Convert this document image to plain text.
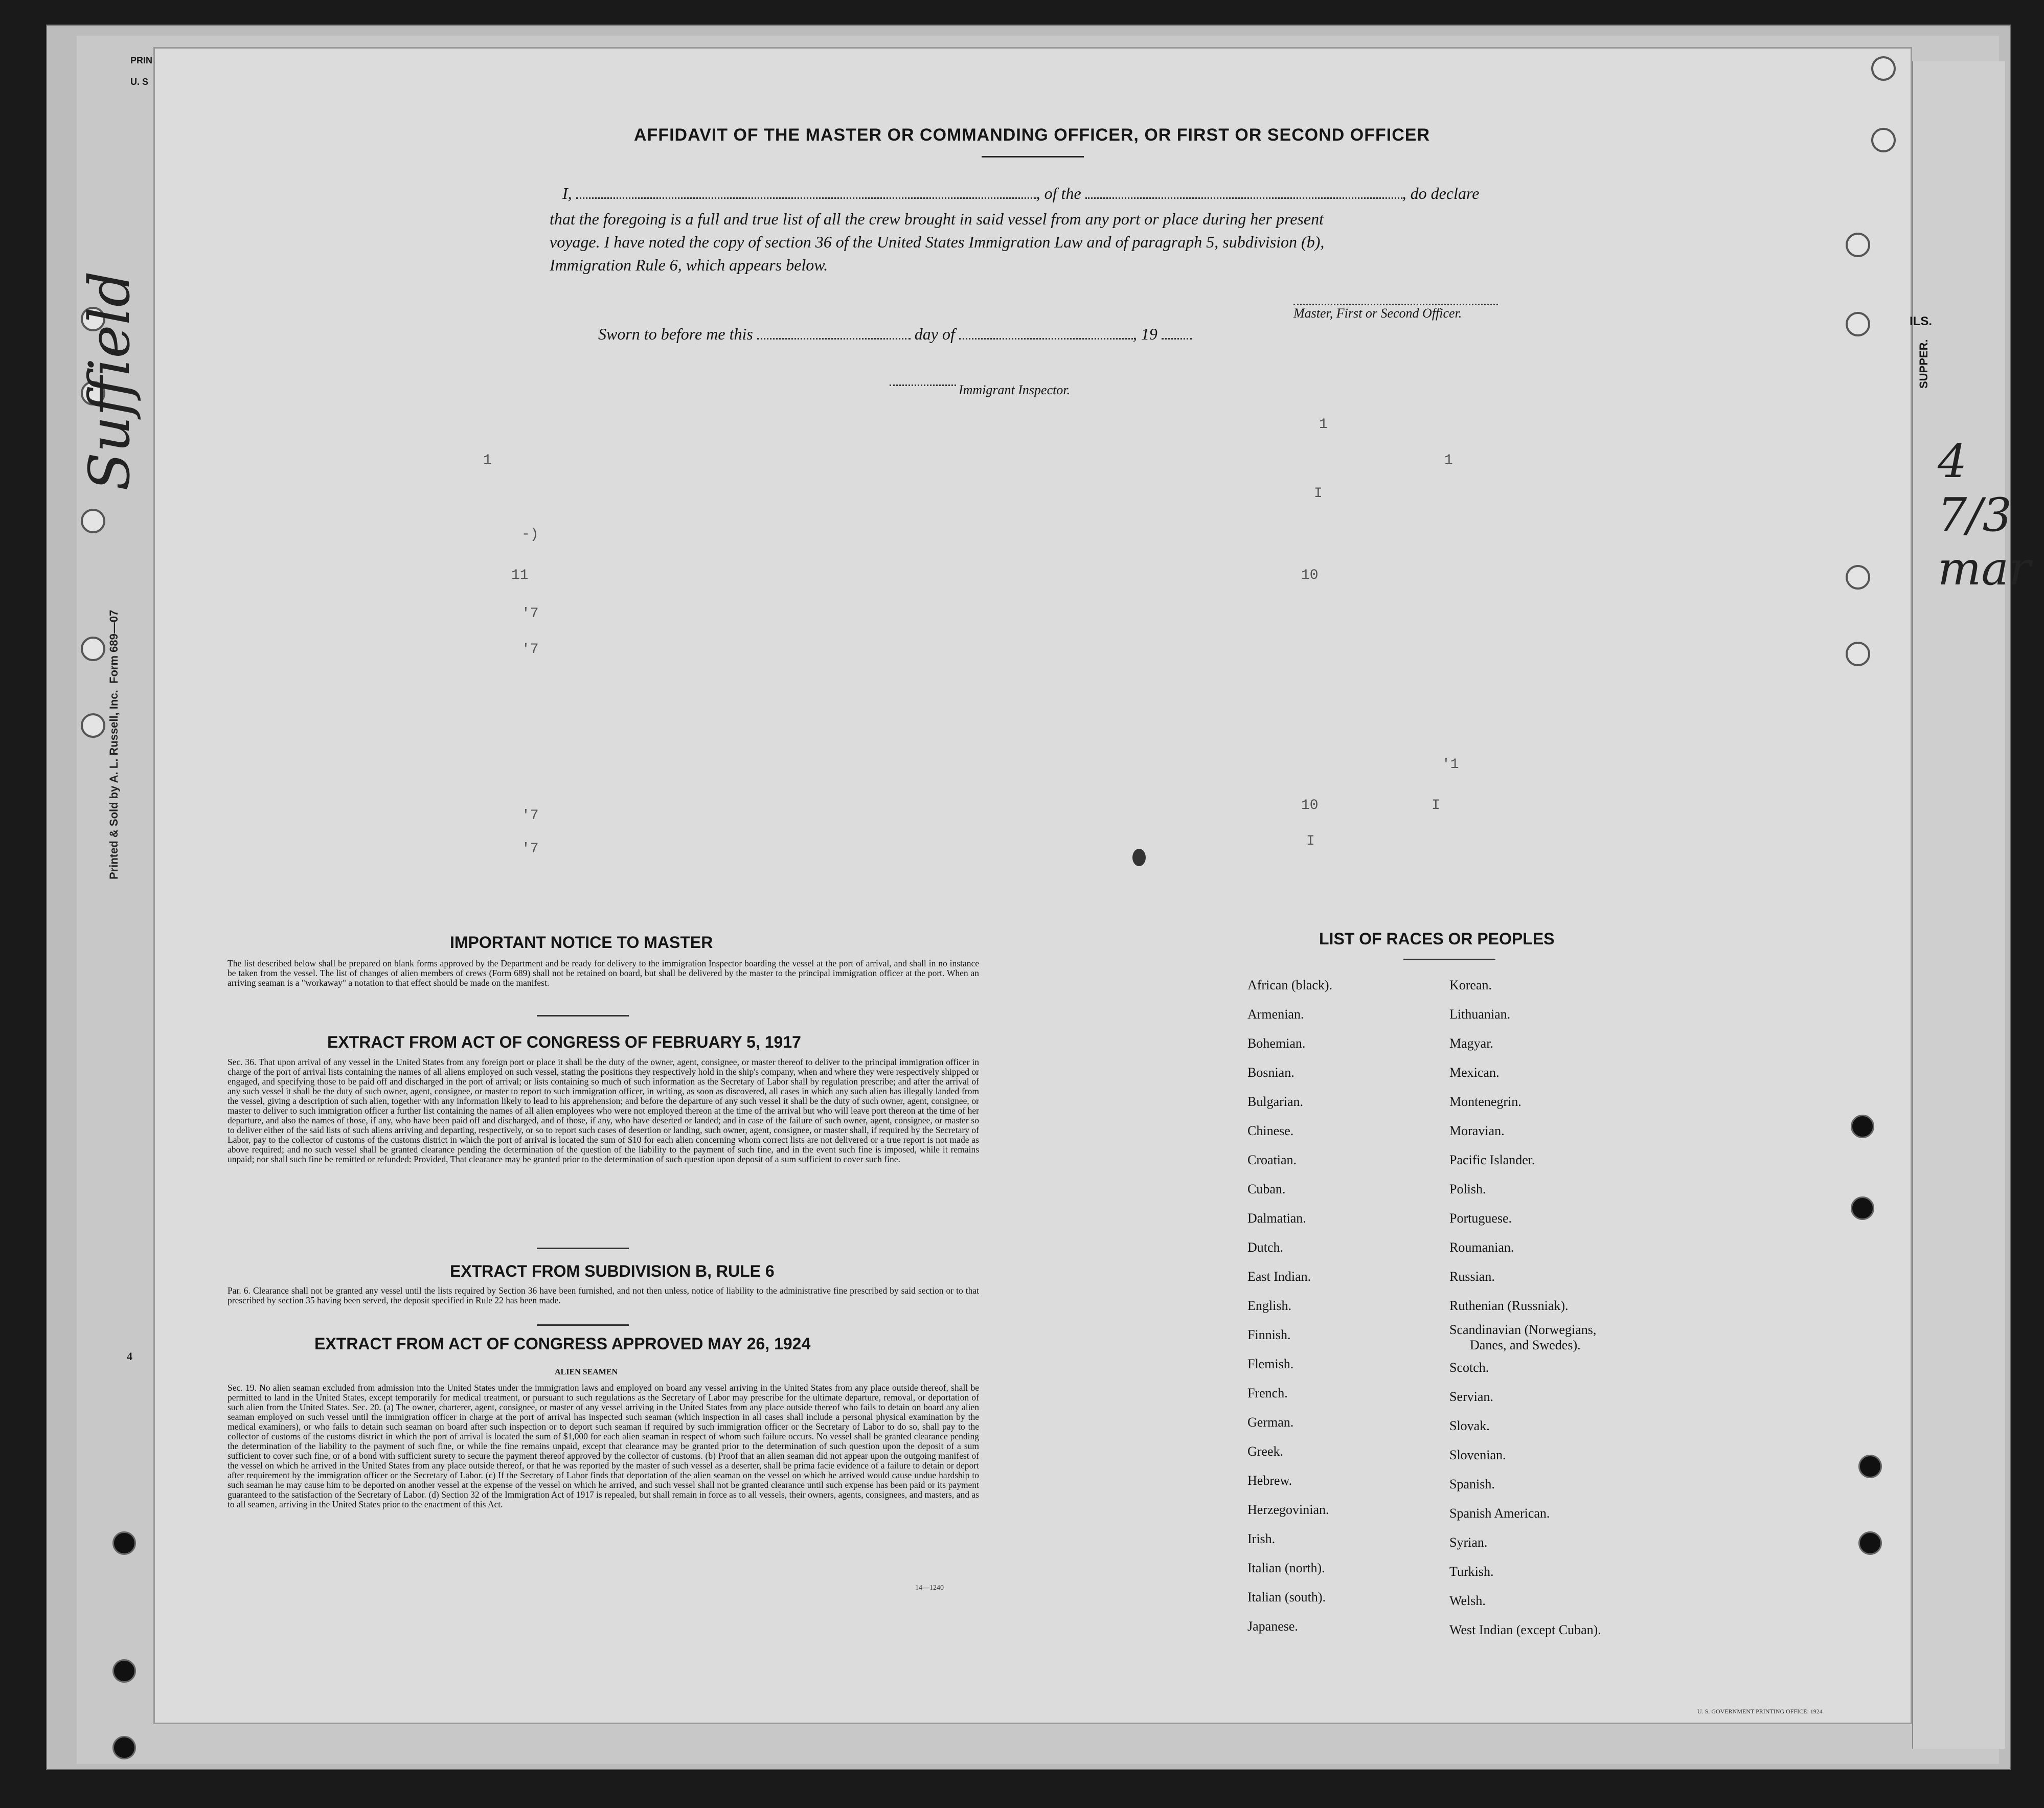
PRIN
U. S
Printed & Sold by A. L. Russell, Inc.  Form 689—07
4
Suffield	4 7/3 mar
ILS.
SUPPER.
AFFIDAVIT OF THE MASTER OR COMMANDING OFFICER, OR FIRST OR SECOND OFFICER
I,	, of the	, do declare
that the foregoing is a full and true list of all the crew brought in said vessel from any port or place during her present
voyage. I have noted the copy of section 36 of the United States Immigration Law and of paragraph 5, subdivision (b),
Immigration Rule 6, which appears below.
Master, First or Second Officer.
Sworn to before me this	day of	, 19
Immigrant Inspector.
1
-)
11
'7
'7
'7
'7
10
1
1
I
10
'1
I
I
IMPORTANT NOTICE TO MASTER
The list described below shall be prepared on blank forms approved by the Department and be ready for delivery to the immigration Inspector boarding the vessel at the port of arrival, and shall in no instance be taken from the vessel. The list of changes of alien members of crews (Form 689) shall not be retained on board, but shall be delivered by the master to the principal immigration officer at the port. When an arriving seaman is a "workaway" a notation to that effect should be made on the manifest.
EXTRACT FROM ACT OF CONGRESS OF FEBRUARY 5, 1917
Sec. 36. That upon arrival of any vessel in the United States from any foreign port or place it shall be the duty of the owner, agent, consignee, or master thereof to deliver to the principal immigration officer in charge of the port of arrival lists containing the names of all aliens employed on such vessel, stating the positions they respectively hold in the ship's company, when and where they were respectively shipped or engaged, and specifying those to be paid off and discharged in the port of arrival; or lists containing so much of such information as the Secretary of Labor shall by regulation prescribe; and after the arrival of any such vessel it shall be the duty of such owner, agent, consignee, or master to report to such immigration officer, in writing, as soon as discovered, all cases in which any such alien has illegally landed from the vessel, giving a description of such alien, together with any information likely to lead to his apprehension; and before the departure of any such vessel it shall be the duty of such owner, agent, consignee, or master to deliver to such immigration officer a further list containing the names of all alien employees who were not employed thereon at the time of the arrival but who will leave port thereon at the time of her departure, and also the names of those, if any, who have been paid off and discharged, and of those, if any, who have deserted or landed; and in case of the failure of such owner, agent, consignee, or master so to deliver either of the said lists of such aliens arriving and departing, respectively, or so to report such cases of desertion or landing, such owner, agent, consignee, or master shall, if required by the Secretary of Labor, pay to the collector of customs of the customs district in which the port of arrival is located the sum of $10 for each alien concerning whom correct lists are not delivered or a true report is not made as above required; and no such vessel shall be granted clearance pending the determination of the question of the liability to the payment of such fine, and in the event such fine is imposed, while it remains unpaid; nor shall such fine be remitted or refunded: Provided, That clearance may be granted prior to the determination of such question upon deposit of a sum sufficient to cover such fine.
EXTRACT FROM SUBDIVISION B, RULE 6
Par. 6. Clearance shall not be granted any vessel until the lists required by Section 36 have been furnished, and not then unless, notice of liability to the administrative fine prescribed by said section or to that prescribed by section 35 having been served, the deposit specified in Rule 22 has been made.
EXTRACT FROM ACT OF CONGRESS APPROVED MAY 26, 1924
ALIEN SEAMEN
Sec. 19. No alien seaman excluded from admission into the United States under the immigration laws and employed on board any vessel arriving in the United States from any place outside thereof, shall be permitted to land in the United States, except temporarily for medical treatment, or pursuant to such regulations as the Secretary of Labor may prescribe for the ultimate departure, removal, or deportation of such alien from the United States. Sec. 20. (a) The owner, charterer, agent, consignee, or master of any vessel arriving in the United States from any place outside thereof who fails to detain on board any alien seaman employed on such vessel until the immigration officer in charge at the port of arrival has inspected such seaman (which inspection in all cases shall include a personal physical examination by the medical examiners), or who fails to detain such seaman on board after such inspection or to deport such seaman if required by such immigration officer or the Secretary of Labor to do so, shall pay to the collector of customs of the customs district in which the port of arrival is located the sum of $1,000 for each alien seaman in respect of whom such failure occurs. No vessel shall be granted clearance pending the determination of the liability to the payment of such fine, or while the fine remains unpaid, except that clearance may be granted prior to the determination of such question upon the deposit of a sum sufficient to cover such fine, or of a bond with sufficient surety to secure the payment thereof approved by the collector of customs. (b) Proof that an alien seaman did not appear upon the outgoing manifest of the vessel on which he arrived in the United States from any place outside thereof, or that he was reported by the master of such vessel as a deserter, shall be prima facie evidence of a failure to detain or deport after requirement by the immigration officer or the Secretary of Labor. (c) If the Secretary of Labor finds that deportation of the alien seaman on the vessel on which he arrived would cause undue hardship to such seaman he may cause him to be deported on another vessel at the expense of the vessel on which he arrived, and such vessel shall not be granted clearance until such expense has been paid or its payment guaranteed to the satisfaction of the Secretary of Labor. (d) Section 32 of the Immigration Act of 1917 is repealed, but shall remain in force as to all vessels, their owners, agents, consignees, and masters, and as to all seamen, arriving in the United States prior to the enactment of this Act.
14—1240
LIST OF RACES OR PEOPLES
African (black).
Armenian.
Bohemian.
Bosnian.
Bulgarian.
Chinese.
Croatian.
Cuban.
Dalmatian.
Dutch.
East Indian.
English.
Finnish.
Flemish.
French.
German.
Greek.
Hebrew.
Herzegovinian.
Irish.
Italian (north).
Italian (south).
Japanese.
Korean.
Lithuanian.
Magyar.
Mexican.
Montenegrin.
Moravian.
Pacific Islander.
Polish.
Portuguese.
Roumanian.
Russian.
Ruthenian (Russniak).
Scandinavian (Norwegians,
Danes, and Swedes).
Scotch.
Servian.
Slovak.
Slovenian.
Spanish.
Spanish American.
Syrian.
Turkish.
Welsh.
West Indian (except Cuban).
U. S. GOVERNMENT PRINTING OFFICE: 1924
